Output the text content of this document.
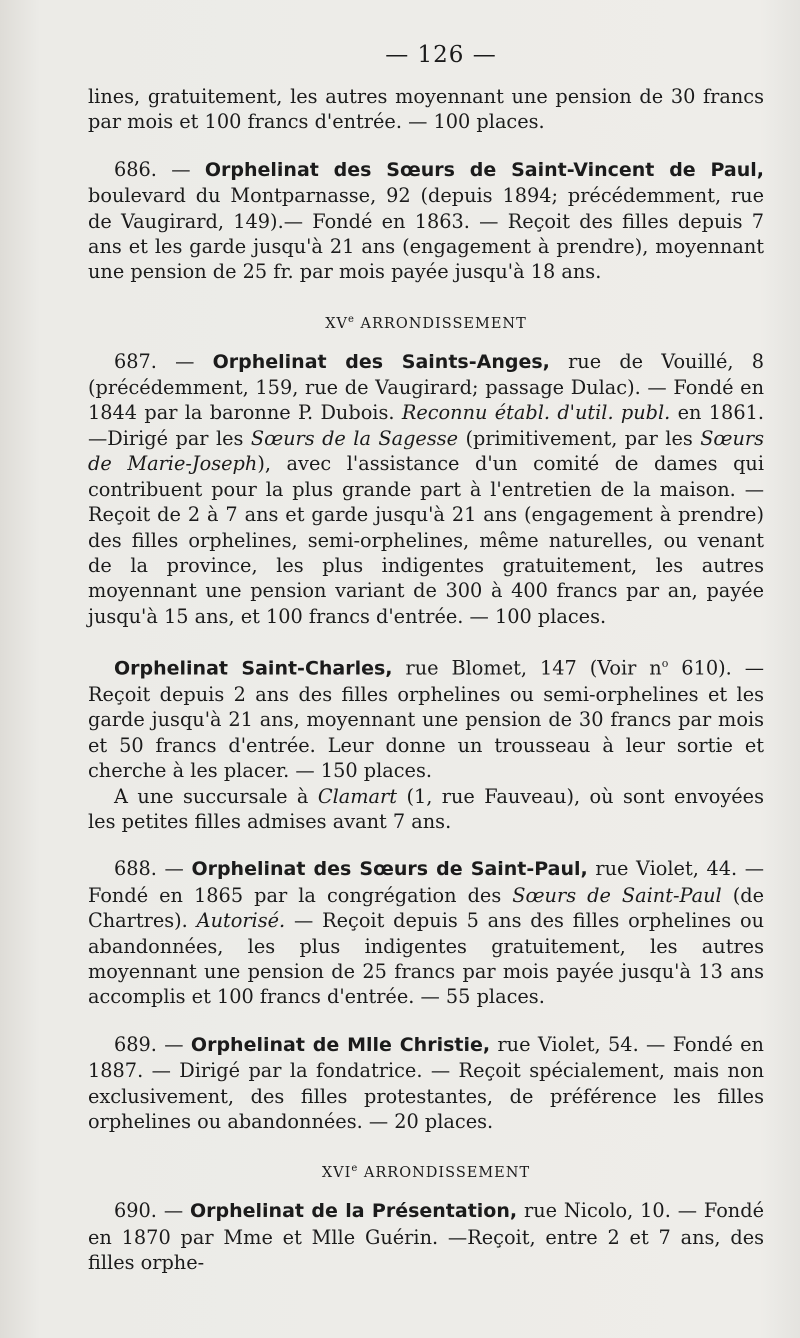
— 126 —

lines, gratuitement, les autres moyennant une pension de 30 francs par mois et 100 francs d'entrée. — 100 places.

686. — Orphelinat des Sœurs de Saint-Vincent de Paul, boulevard du Montparnasse, 92 (depuis 1894; précédemment, rue de Vaugirard, 149).— Fondé en 1863. — Reçoit des filles depuis 7 ans et les garde jusqu'à 21 ans (engagement à prendre), moyennant une pension de 25 fr. par mois payée jusqu'à 18 ans.

XVe ARRONDISSEMENT

687. — Orphelinat des Saints-Anges, rue de Vouillé, 8 (précédemment, 159, rue de Vaugirard; passage Dulac). — Fondé en 1844 par la baronne P. Dubois. Reconnu établ. d'util. publ. en 1861.—Dirigé par les Sœurs de la Sagesse (primitivement, par les Sœurs de Marie-Joseph), avec l'assistance d'un comité de dames qui contribuent pour la plus grande part à l'entretien de la maison. — Reçoit de 2 à 7 ans et garde jusqu'à 21 ans (engagement à prendre) des filles orphelines, semi-orphelines, même naturelles, ou venant de la province, les plus indigentes gratuitement, les autres moyennant une pension variant de 300 à 400 francs par an, payée jusqu'à 15 ans, et 100 francs d'entrée. — 100 places.

Orphelinat Saint-Charles, rue Blomet, 147 (Voir $n^o$ 610). — Reçoit depuis 2 ans des filles orphelines ou semi-orphelines et les garde jusqu'à 21 ans, moyennant une pension de 30 francs par mois et 50 francs d'entrée. Leur donne un trousseau à leur sortie et cherche à les placer. — 150 places.

A une succursale à Clamart (1, rue Fauveau), où sont envoyées les petites filles admises avant 7 ans.

688. — Orphelinat des Sœurs de Saint-Paul, rue Violet, 44. — Fondé en 1865 par la congrégation des Sœurs de Saint-Paul (de Chartres). Autorisé. — Reçoit depuis 5 ans des filles orphelines ou abandonnées, les plus indigentes gratuitement, les autres moyennant une pension de 25 francs par mois payée jusqu'à 13 ans accomplis et 100 francs d'entrée. — 55 places.

689. — Orphelinat de Mlle Christie, rue Violet, 54. — Fondé en 1887. — Dirigé par la fondatrice. — Reçoit spécialement, mais non exclusivement, des filles protestantes, de préférence les filles orphelines ou abandonnées. — 20 places.

XVIe ARRONDISSEMENT

690. — Orphelinat de la Présentation, rue Nicolo, 10. — Fondé en 1870 par Mme et Mlle Guérin. —Reçoit, entre 2 et 7 ans, des filles orphe-
